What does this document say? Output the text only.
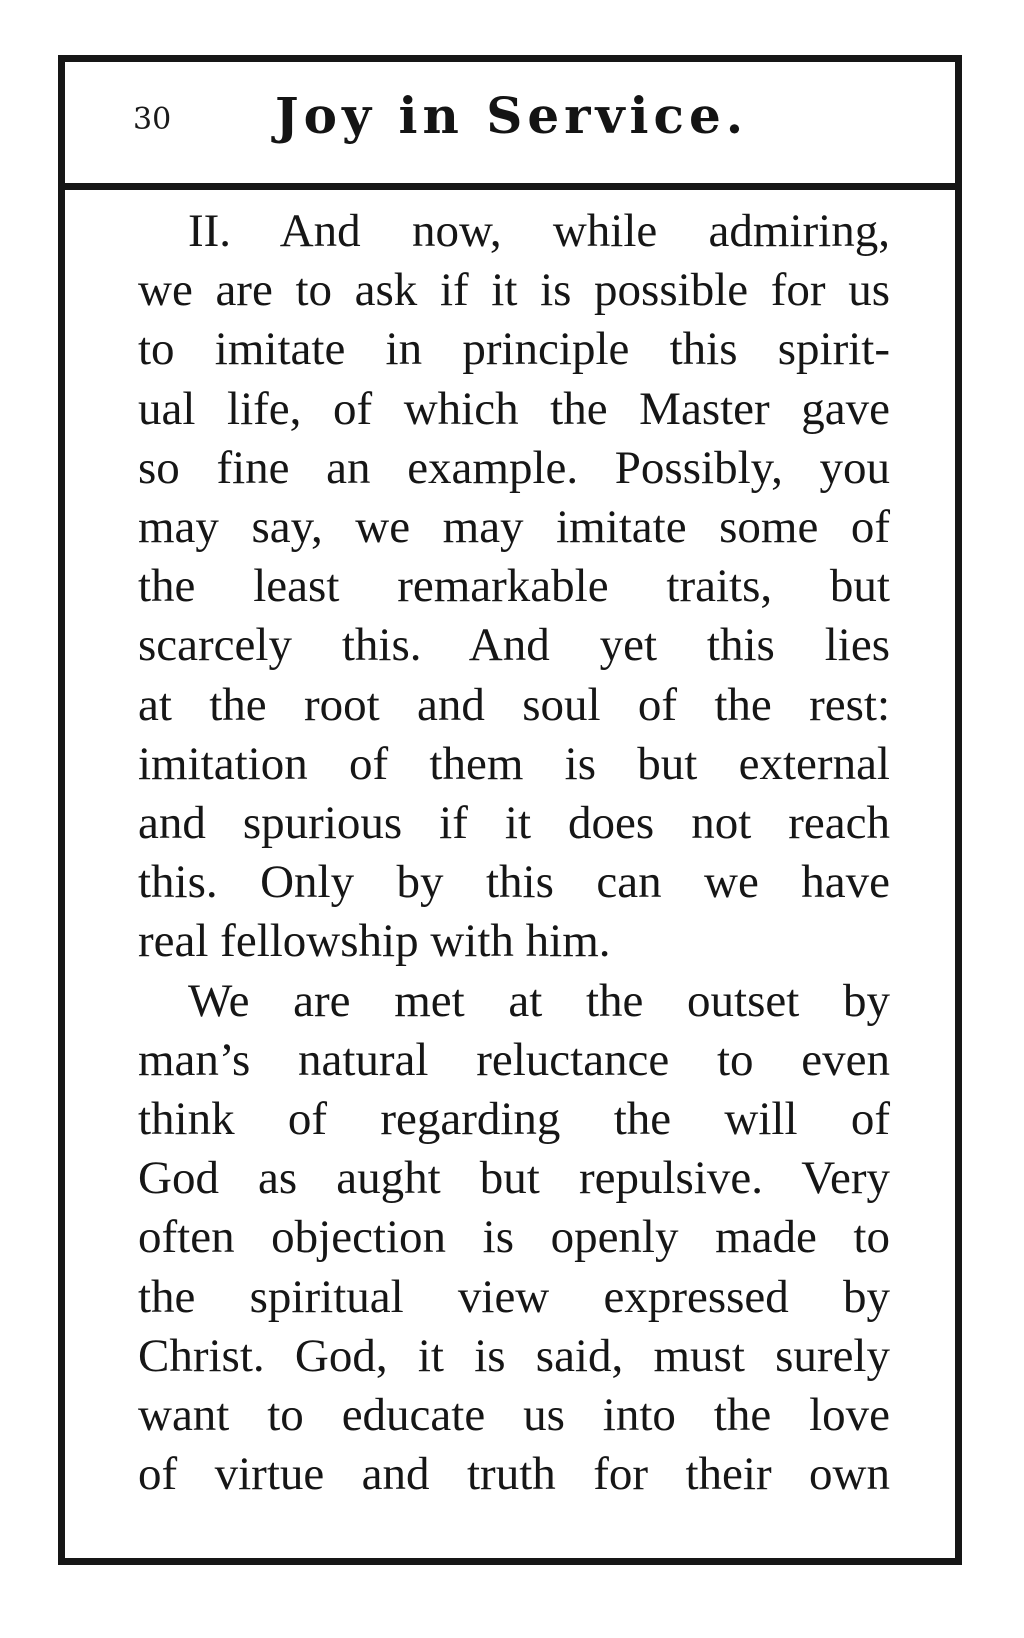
30 Joy in Service.
II. And now, while admiring,
we are to ask if it is possible for us
to imitate in principle this spirit-
ual life, of which the Master gave
so fine an example. Possibly, you
may say, we may imitate some of
the least remarkable traits, but
scarcely this. And yet this lies
at the root and soul of the rest:
imitation of them is but external
and spurious if it does not reach
this. Only by this can we have
real fellowship with him.
We are met at the outset by
man’s natural reluctance to even
think of regarding the will of
God as aught but repulsive. Very
often objection is openly made to
the spiritual view expressed by
Christ. God, it is said, must surely
want to educate us into the love
of virtue and truth for their own
